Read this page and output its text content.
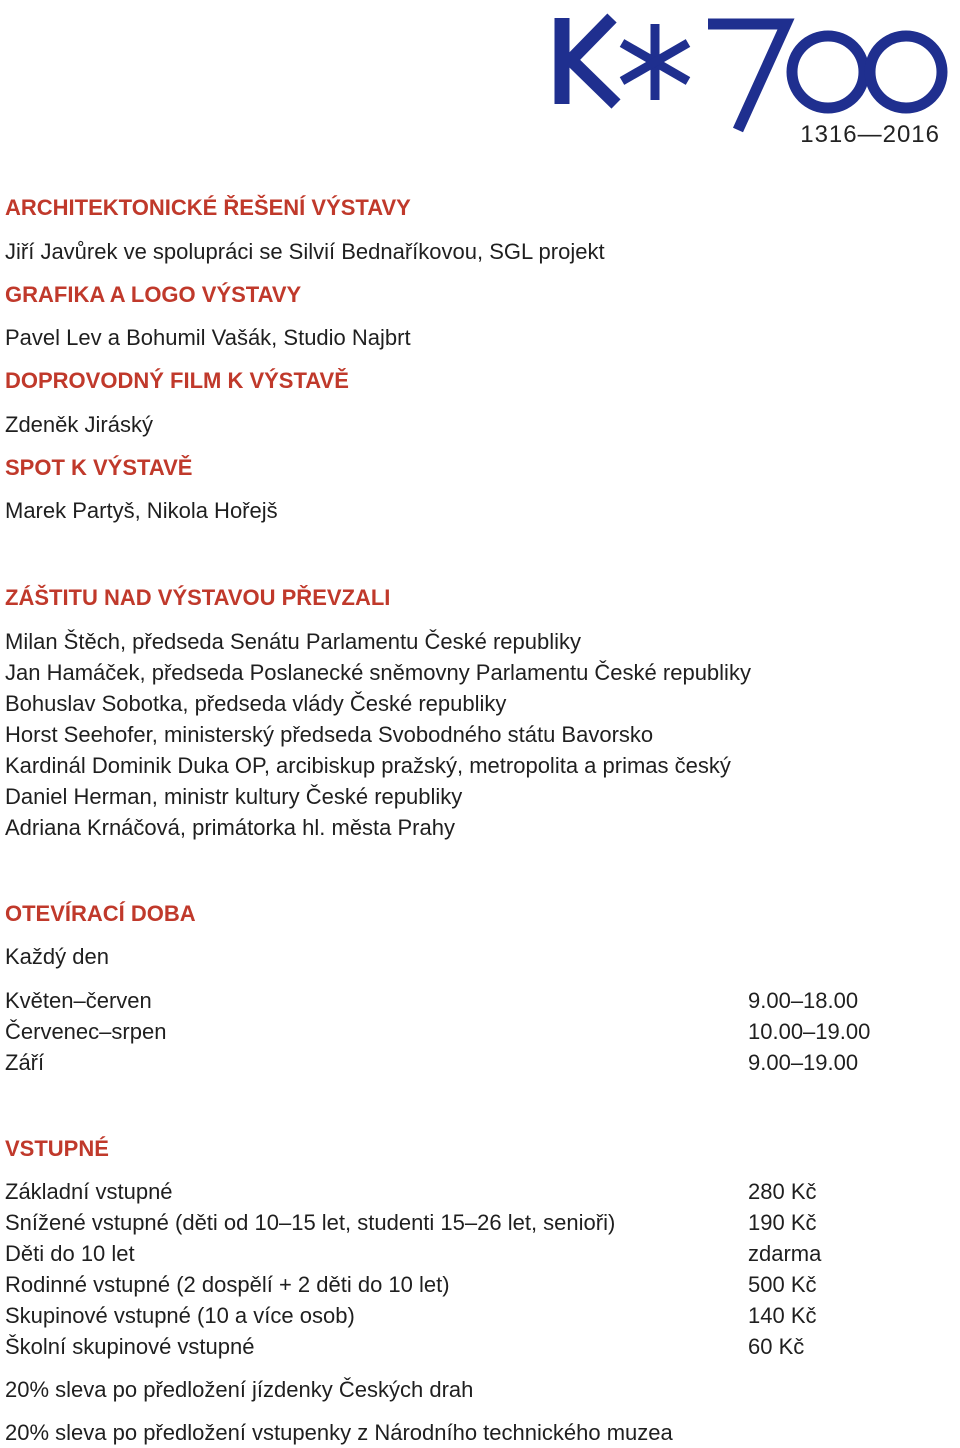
1316—2016
ARCHITEKTONICKÉ ŘEŠENÍ VÝSTAVY
Jiří Javůrek ve spolupráci se Silvií Bednaříkovou, SGL projekt
GRAFIKA A LOGO VÝSTAVY
Pavel Lev a Bohumil Vašák, Studio Najbrt
DOPROVODNÝ FILM K VÝSTAVĚ
Zdeněk Jiráský
SPOT K VÝSTAVĚ
Marek Partyš, Nikola Hořejš
ZÁŠTITU NAD VÝSTAVOU PŘEVZALI
Milan Štěch, předseda Senátu Parlamentu České republiky
Jan Hamáček, předseda Poslanecké sněmovny Parlamentu České republiky
Bohuslav Sobotka, předseda vlády České republiky
Horst Seehofer, ministerský předseda Svobodného státu Bavorsko
Kardinál Dominik Duka OP, arcibiskup pražský, metropolita a primas český
Daniel Herman, ministr kultury České republiky
Adriana Krnáčová, primátorka hl. města Prahy
OTEVÍRACÍ DOBA
Každý den
Květen–červen	9.00–18.00
Červenec–srpen	10.00–19.00
Září	9.00–19.00
VSTUPNÉ
Základní vstupné	280 Kč
Snížené vstupné (děti od 10–15 let, studenti 15–26 let, senioři)	190 Kč
Děti do 10 let	zdarma
Rodinné vstupné (2 dospělí + 2 děti do 10 let)	500 Kč
Skupinové vstupné (10 a více osob)	140 Kč
Školní skupinové vstupné	60 Kč
20% sleva po předložení jízdenky Českých drah
20% sleva po předložení vstupenky z Národního technického muzea
